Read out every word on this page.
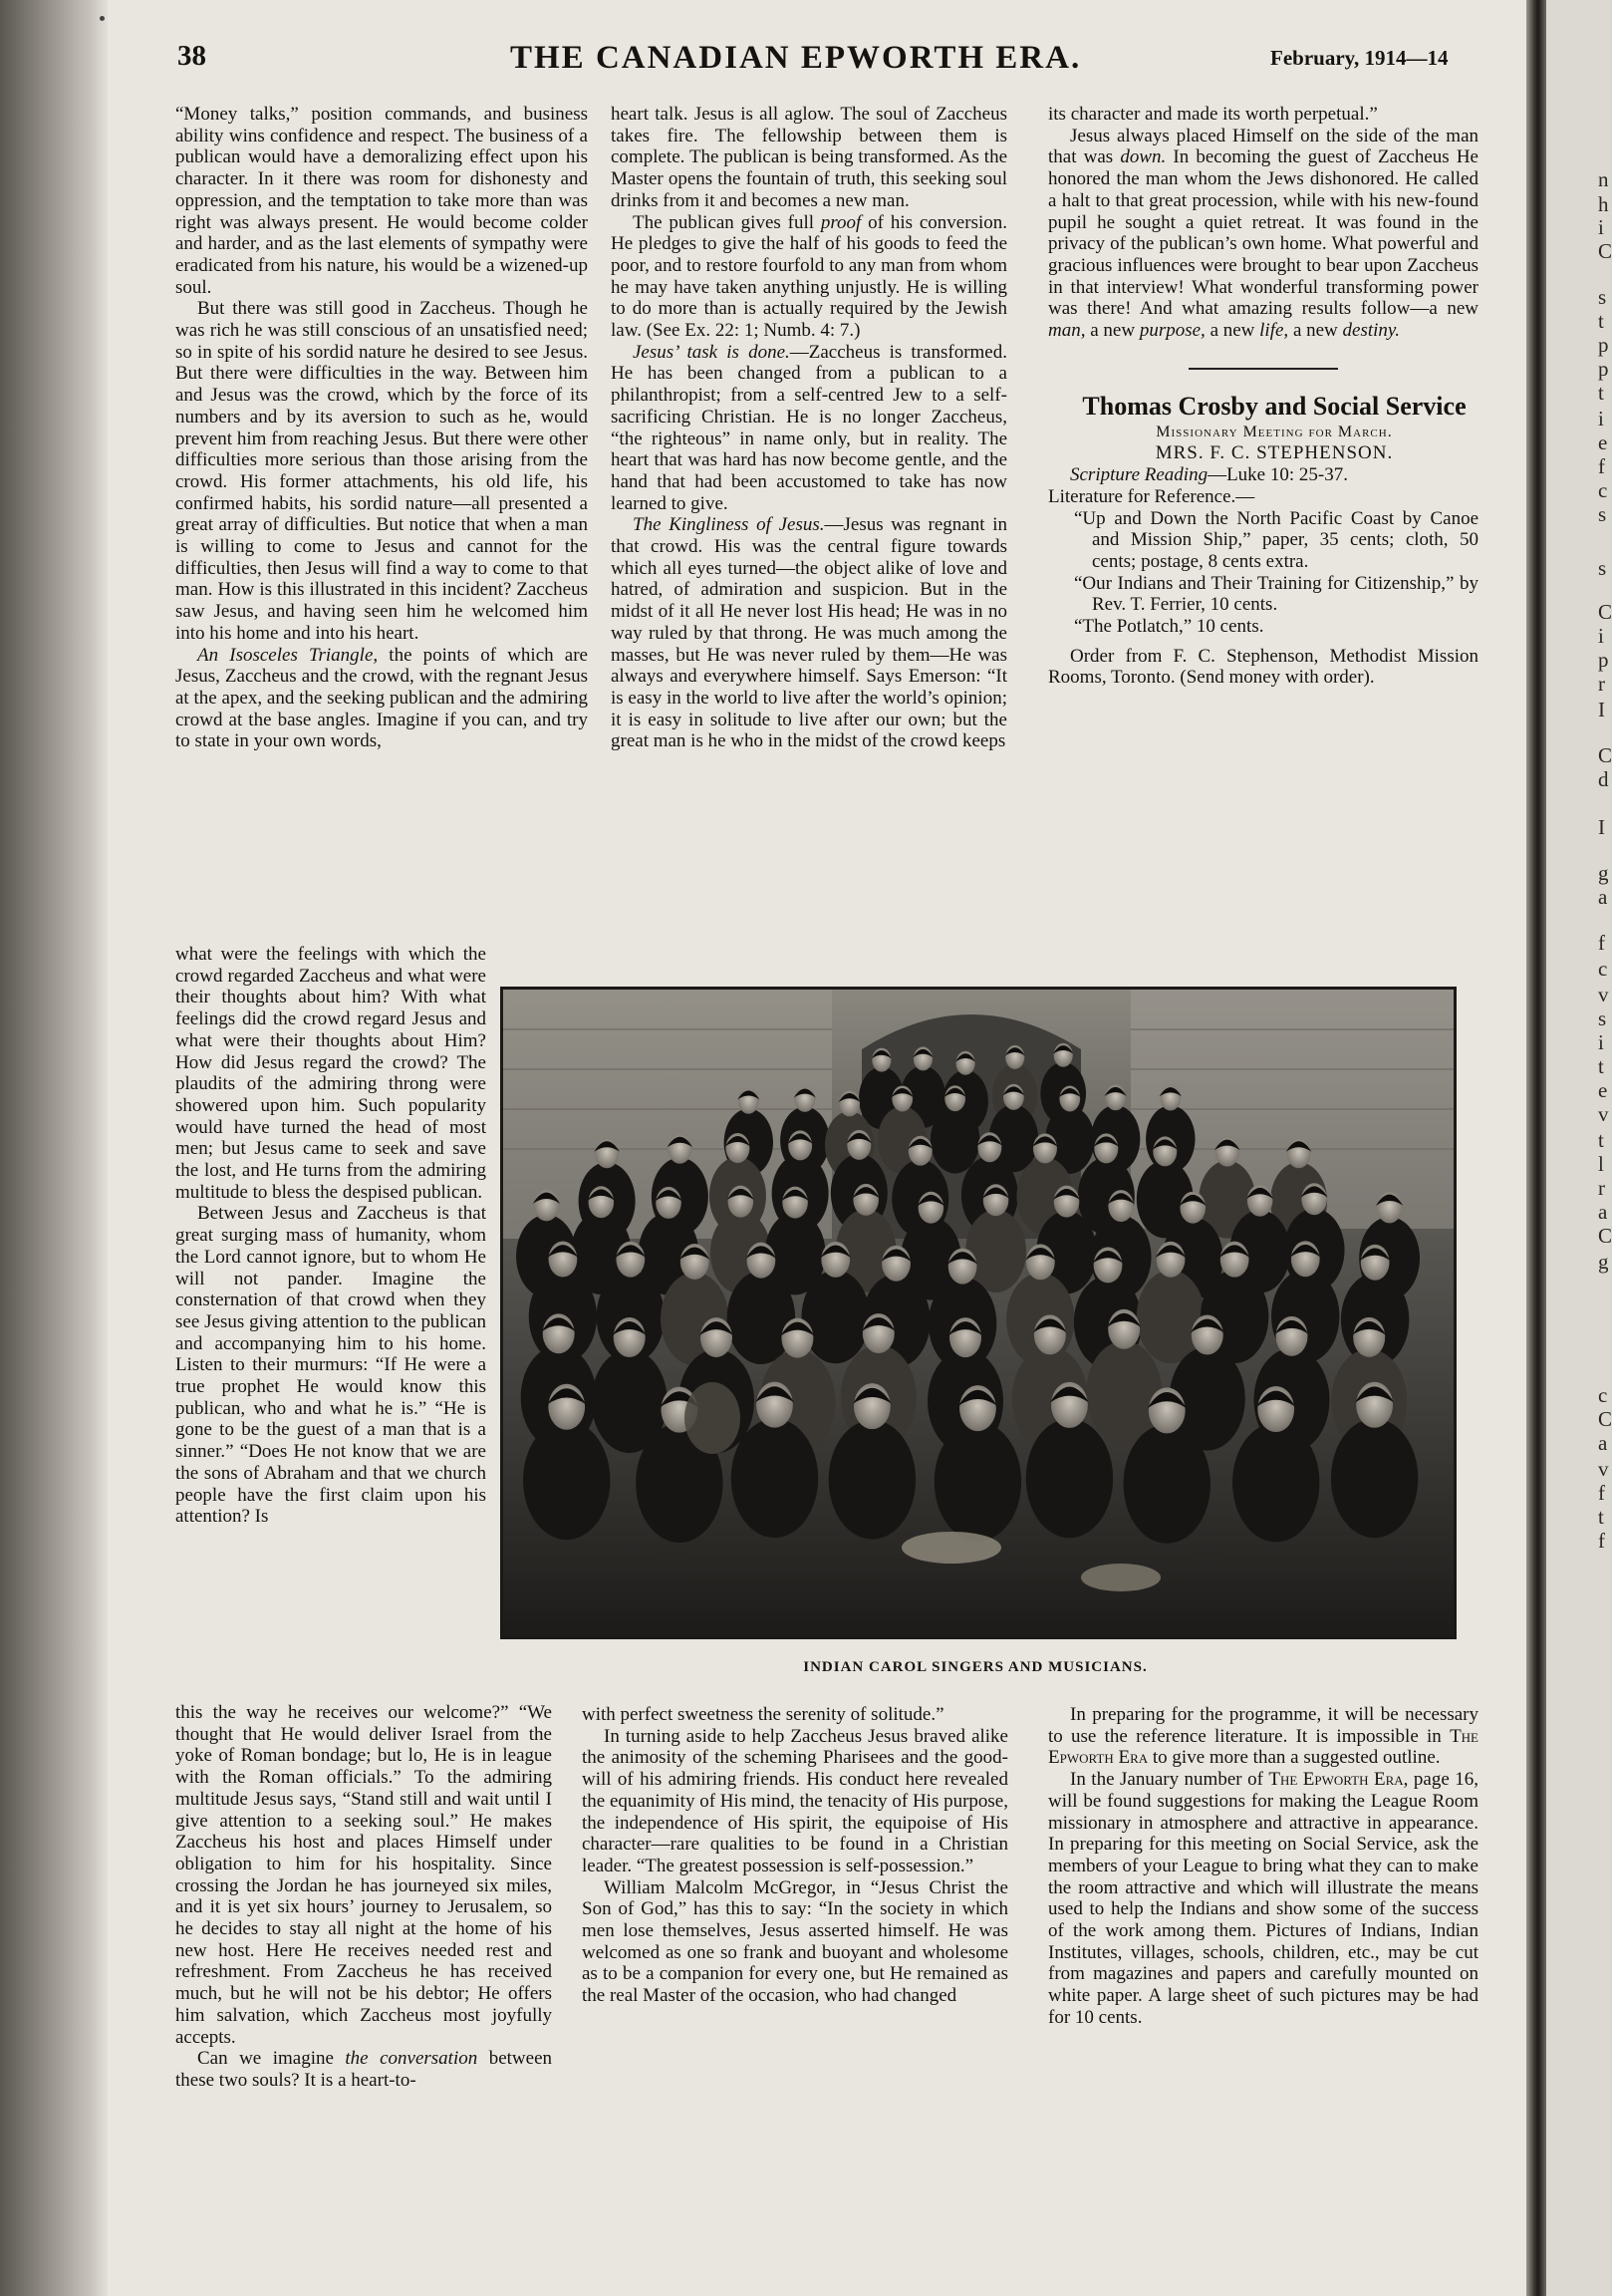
n
h
i
C
s
t
p
p
t
i
e
f
c
s
s
C
i
p
r
I
C
d
I
g
a
f
c
v
s
i
t
e
v
t
l
r
a
C
g
c
C
a
v
f
t
f
38	THE CANADIAN EPWORTH ERA.	February, 1914—14

“Money talks,” position commands, and business ability wins confidence and respect. The business of a publican would have a demoralizing effect upon his character. In it there was room for dishonesty and oppression, and the temptation to take more than was right was always present. He would become colder and harder, and as the last elements of sympathy were eradicated from his nature, his would be a wizened-up soul.

But there was still good in Zaccheus. Though he was rich he was still conscious of an unsatisfied need; so in spite of his sordid nature he desired to see Jesus. But there were difficulties in the way. Between him and Jesus was the crowd, which by the force of its numbers and by its aversion to such as he, would prevent him from reaching Jesus. But there were other difficulties more serious than those arising from the crowd. His former attachments, his old life, his confirmed habits, his sordid nature—all presented a great array of difficulties. But notice that when a man is willing to come to Jesus and cannot for the difficulties, then Jesus will find a way to come to that man. How is this illustrated in this incident? Zaccheus saw Jesus, and having seen him he welcomed him into his home and into his heart.

An Isosceles Triangle, the points of which are Jesus, Zaccheus and the crowd, with the regnant Jesus at the apex, and the seeking publican and the admiring crowd at the base angles. Imagine if you can, and try to state in your own words,

what were the feelings with which the crowd regarded Zaccheus and what were their thoughts about him? With what feelings did the crowd regard Jesus and what were their thoughts about Him? How did Jesus regard the crowd? The plaudits of the admiring throng were showered upon him. Such popularity would have turned the head of most men; but Jesus came to seek and save the lost, and He turns from the admiring multitude to bless the despised publican.

Between Jesus and Zaccheus is that great surging mass of humanity, whom the Lord cannot ignore, but to whom He will not pander. Imagine the consternation of that crowd when they see Jesus giving attention to the publican and accompanying him to his home. Listen to their murmurs: “If He were a true prophet He would know this publican, who and what he is.” “He is gone to be the guest of a man that is a sinner.” “Does He not know that we are the sons of Abraham and that we church people have the first claim upon his attention? Is

this the way he receives our welcome?” “We thought that He would deliver Israel from the yoke of Roman bondage; but lo, He is in league with the Roman officials.” To the admiring multitude Jesus says, “Stand still and wait until I give attention to a seeking soul.” He makes Zaccheus his host and places Himself under obligation to him for his hospitality. Since crossing the Jordan he has journeyed six miles, and it is yet six hours’ journey to Jerusalem, so he decides to stay all night at the home of his new host. Here He receives needed rest and refreshment. From Zaccheus he has received much, but he will not be his debtor; He offers him salvation, which Zaccheus most joyfully accepts.

Can we imagine the conversation between these two souls? It is a heart-to-

heart talk. Jesus is all aglow. The soul of Zaccheus takes fire. The fellowship between them is complete. The publican is being transformed. As the Master opens the fountain of truth, this seeking soul drinks from it and becomes a new man.

The publican gives full proof of his conversion. He pledges to give the half of his goods to feed the poor, and to restore fourfold to any man from whom he may have taken anything unjustly. He is willing to do more than is actually required by the Jewish law. (See Ex. 22: 1; Numb. 4: 7.)

Jesus’ task is done.—Zaccheus is transformed. He has been changed from a publican to a philanthropist; from a self-centred Jew to a self-sacrificing Christian. He is no longer Zaccheus, “the righteous” in name only, but in reality. The heart that was hard has now become gentle, and the hand that had been accustomed to take has now learned to give.

The Kingliness of Jesus.—Jesus was regnant in that crowd. His was the central figure towards which all eyes turned—the object alike of love and hatred, of admiration and suspicion. But in the midst of it all He never lost His head; He was in no way ruled by that throng. He was much among the masses, but He was never ruled by them—He was always and everywhere himself. Says Emerson: “It is easy in the world to live after the world’s opinion; it is easy in solitude to live after our own; but the great man is he who in the midst of the crowd keeps

its character and made its worth perpetual.”

Jesus always placed Himself on the side of the man that was down. In becoming the guest of Zaccheus He honored the man whom the Jews dishonored. He called a halt to that great procession, while with his new-found pupil he sought a quiet retreat. It was found in the privacy of the publican’s own home. What powerful and gracious influences were brought to bear upon Zaccheus in that interview! What wonderful transforming power was there! And what amazing results follow—a new man, a new purpose, a new life, a new destiny.

Thomas Crosby and Social Service

Missionary Meeting for March.

MRS. F. C. STEPHENSON.

Scripture Reading—Luke 10: 25-37.

Literature for Reference.—

“Up and Down the North Pacific Coast by Canoe and Mission Ship,” paper, 35 cents; cloth, 50 cents; postage, 8 cents extra.

“Our Indians and Their Training for Citizenship,” by Rev. T. Ferrier, 10 cents.

“The Potlatch,” 10 cents.

Order from F. C. Stephenson, Methodist Mission Rooms, Toronto. (Send money with order).

INDIAN CAROL SINGERS AND MUSICIANS.

with perfect sweetness the serenity of solitude.”

In turning aside to help Zaccheus Jesus braved alike the animosity of the scheming Pharisees and the good-will of his admiring friends. His conduct here revealed the equanimity of His mind, the tenacity of His purpose, the independence of His spirit, the equipoise of His character—rare qualities to be found in a Christian leader. “The greatest possession is self-possession.”

William Malcolm McGregor, in “Jesus Christ the Son of God,” has this to say: “In the society in which men lose themselves, Jesus asserted himself. He was welcomed as one so frank and buoyant and wholesome as to be a companion for every one, but He remained as the real Master of the occasion, who had changed

In preparing for the programme, it will be necessary to use the reference literature. It is impossible in The Epworth Era to give more than a suggested outline.

In the January number of The Epworth Era, page 16, will be found suggestions for making the League Room missionary in atmosphere and attractive in appearance. In preparing for this meeting on Social Service, ask the members of your League to bring what they can to make the room attractive and which will illustrate the means used to help the Indians and show some of the success of the work among them. Pictures of Indians, Indian Institutes, villages, schools, children, etc., may be cut from magazines and papers and carefully mounted on white paper. A large sheet of such pictures may be had for 10 cents.
